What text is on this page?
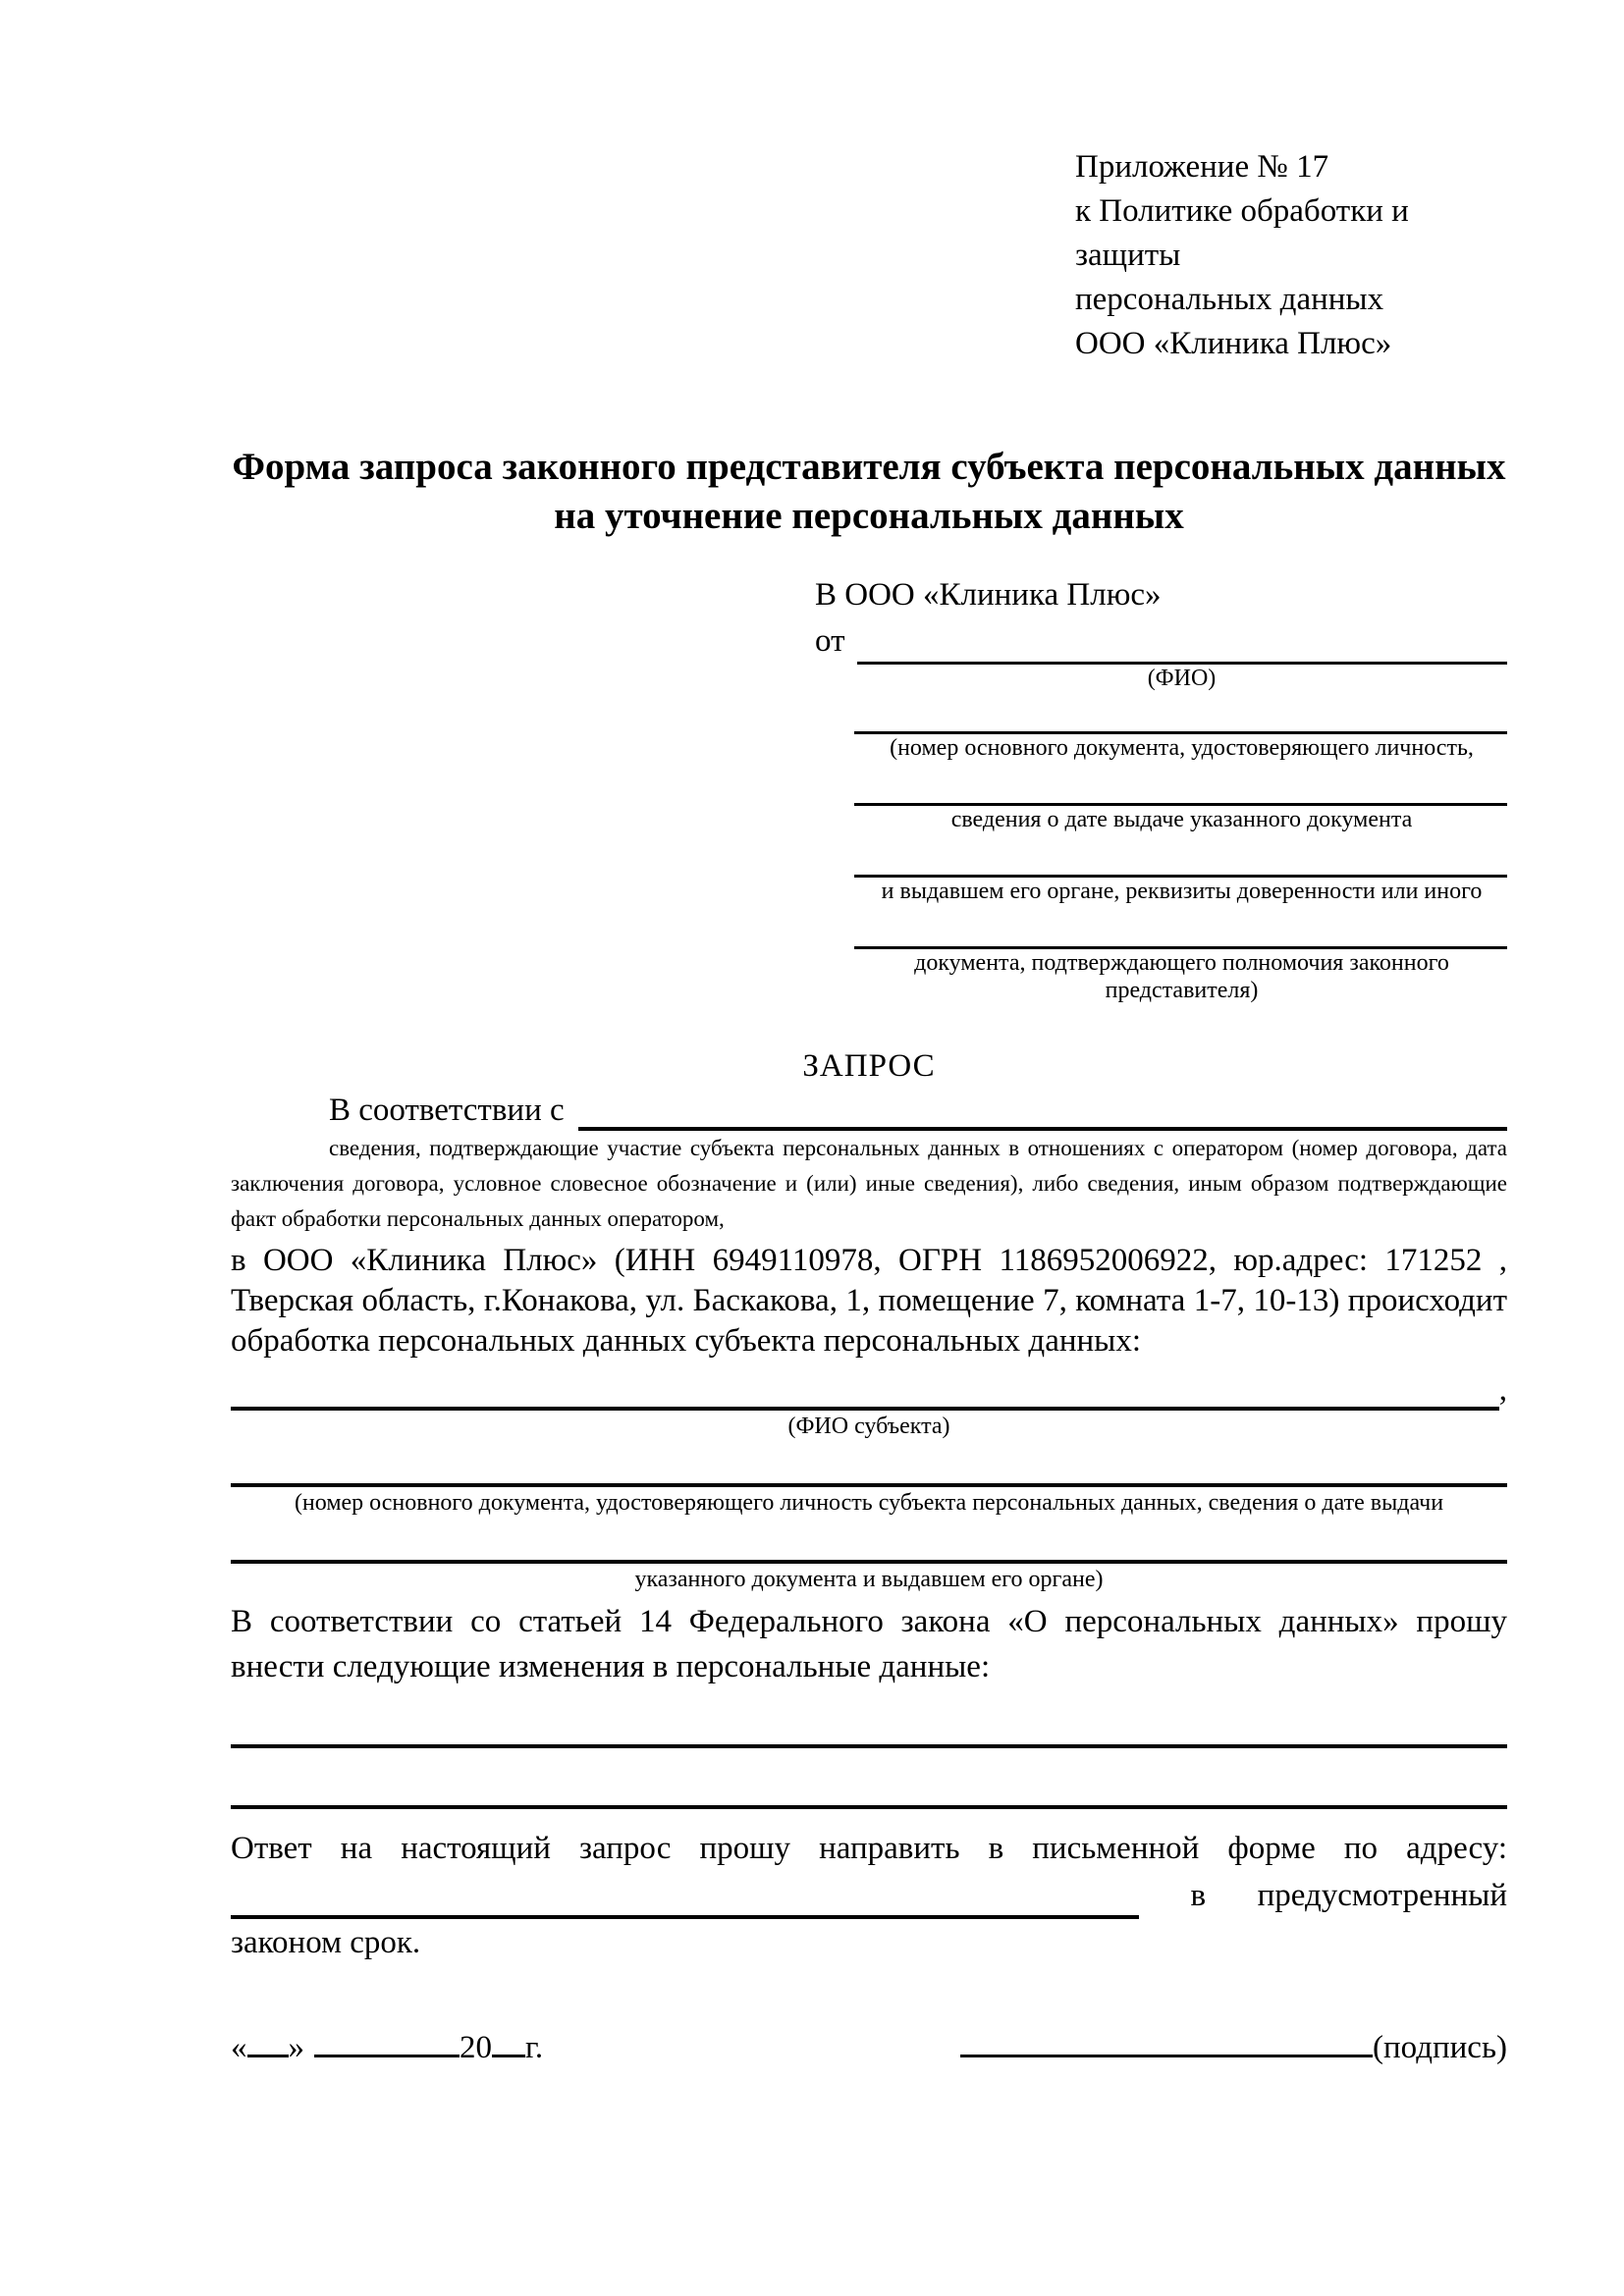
Приложение № 17
к Политике обработки и защиты
персональных данных
ООО «Клиника Плюс»
Форма запроса законного представителя субъекта персональных данных
на уточнение персональных данных
В ООО «Клиника Плюс»
от
(ФИО)
(номер основного документа, удостоверяющего личность,
сведения о дате выдаче указанного документа
и выдавшем его органе, реквизиты доверенности или иного
документа, подтверждающего полномочия законного представителя)
ЗАПРОС
В соответствии с
сведения, подтверждающие участие субъекта персональных данных в отношениях с оператором (номер договора, дата заключения договора, условное словесное обозначение и (или) иные сведения), либо сведения, иным образом подтверждающие факт обработки персональных данных оператором,
в ООО «Клиника Плюс» (ИНН 6949110978, ОГРН 1186952006922, юр.адрес: 171252 , Тверская область, г.Конакова, ул. Баскакова, 1, помещение 7, комната 1-7, 10-13) происходит обработка персональных данных субъекта персональных данных:
,
(ФИО субъекта)
(номер основного документа, удостоверяющего личность субъекта персональных данных, сведения о дате выдачи
указанного документа и выдавшем его органе)
В соответствии со статьей 14 Федерального закона «О персональных данных» прошу внести следующие изменения в персональные данные:
Ответ на настоящий запрос прошу направить в письменной форме по адресу:
в предусмотренный
законом срок.
« »	20 г.	(подпись)
